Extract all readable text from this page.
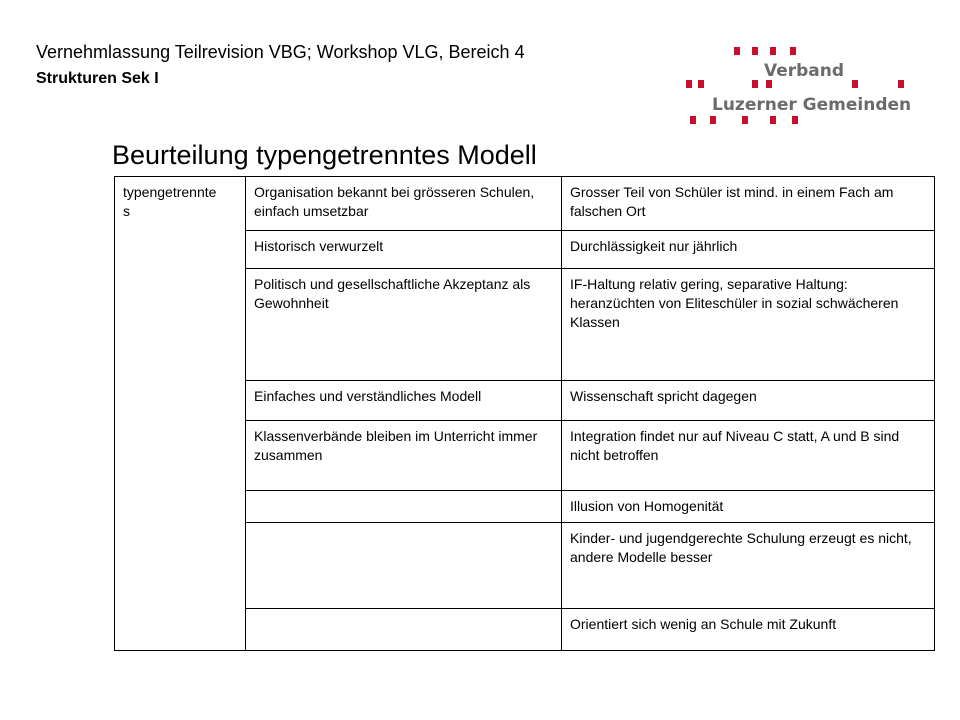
Vernehmlassung Teilrevision VBG; Workshop VLG, Bereich 4
Strukturen Sek I	Verband
Luzerner Gemeinden
Beurteilung typengetrenntes Modell
typengetrennte
s	Organisation bekannt bei grösseren Schulen, einfach umsetzbar	Grosser Teil von Schüler ist mind. in einem Fach am falschen Ort
	Historisch verwurzelt	Durchlässigkeit nur jährlich
	Politisch und gesellschaftliche Akzeptanz als Gewohnheit	IF-Haltung relativ gering, separative Haltung: heranzüchten von Eliteschüler in sozial schwächeren Klassen
	Einfaches und verständliches Modell	Wissenschaft spricht dagegen
	Klassenverbände bleiben im Unterricht immer zusammen	Integration findet nur auf Niveau C statt, A und B sind nicht betroffen
		Illusion von Homogenität
		Kinder- und jugendgerechte Schulung erzeugt es nicht, andere Modelle besser
		Orientiert sich wenig an Schule mit Zukunft
